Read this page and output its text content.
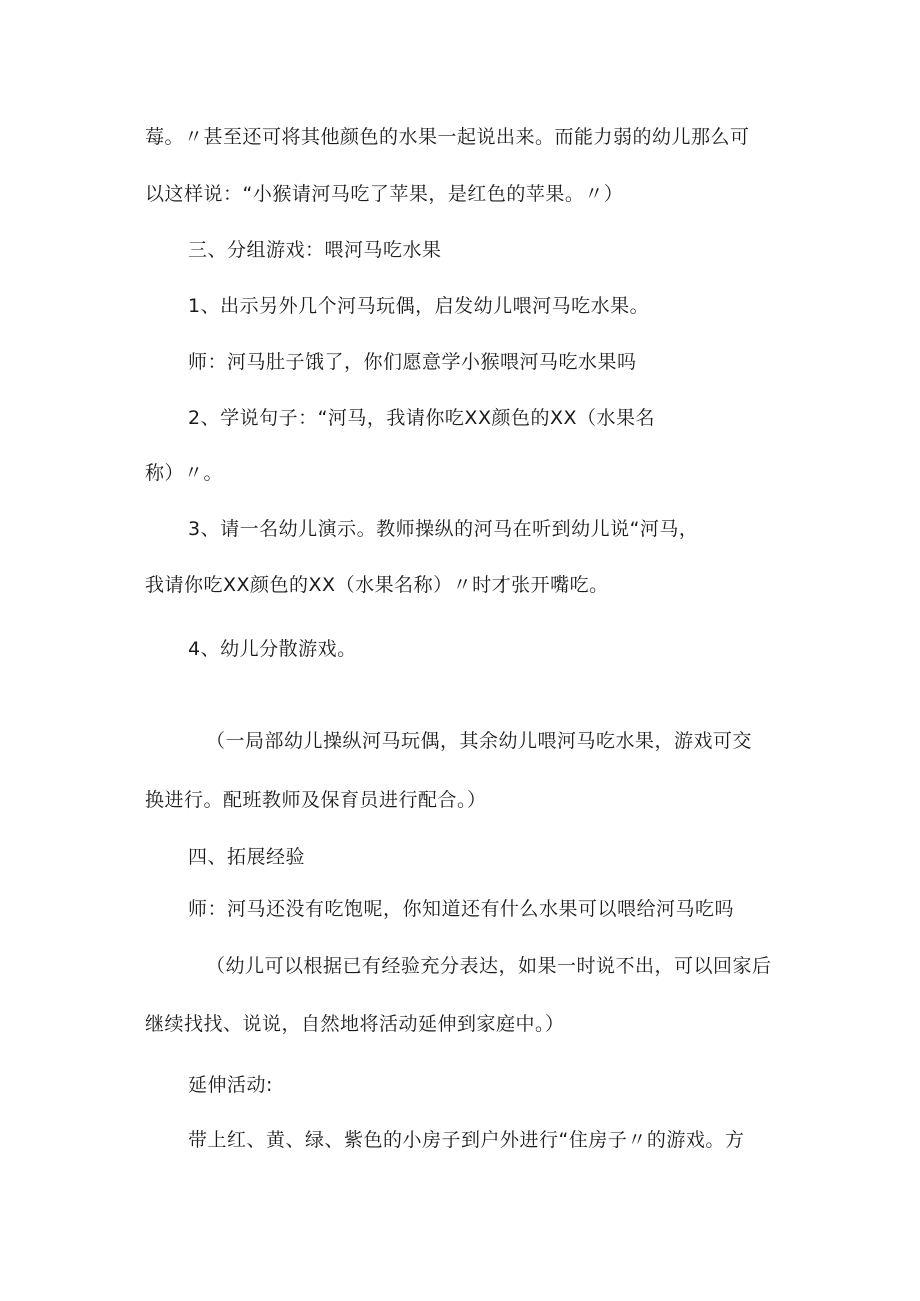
莓。〃甚至还可将其他颜色的水果一起说出来。而能力弱的幼儿那么可
以这样说：“小猴请河马吃了苹果，是红色的苹果。〃）
三、分组游戏：喂河马吃水果
1、出示另外几个河马玩偶，启发幼儿喂河马吃水果。
师：河马肚子饿了，你们愿意学小猴喂河马吃水果吗
2、学说句子：“河马，我请你吃XX颜色的XX（水果名
称）〃。
3、请一名幼儿演示。教师操纵的河马在听到幼儿说“河马，
我请你吃XX颜色的XX（水果名称）〃时才张开嘴吃。
4、幼儿分散游戏。
（一局部幼儿操纵河马玩偶，其余幼儿喂河马吃水果，游戏可交
换进行。配班教师及保育员进行配合。）
四、拓展经验
师：河马还没有吃饱呢，你知道还有什么水果可以喂给河马吃吗
（幼儿可以根据已有经验充分表达，如果一时说不出，可以回家后
继续找找、说说，自然地将活动延伸到家庭中。）
延伸活动:
带上红、黄、绿、紫色的小房子到户外进行“住房子〃的游戏。方
